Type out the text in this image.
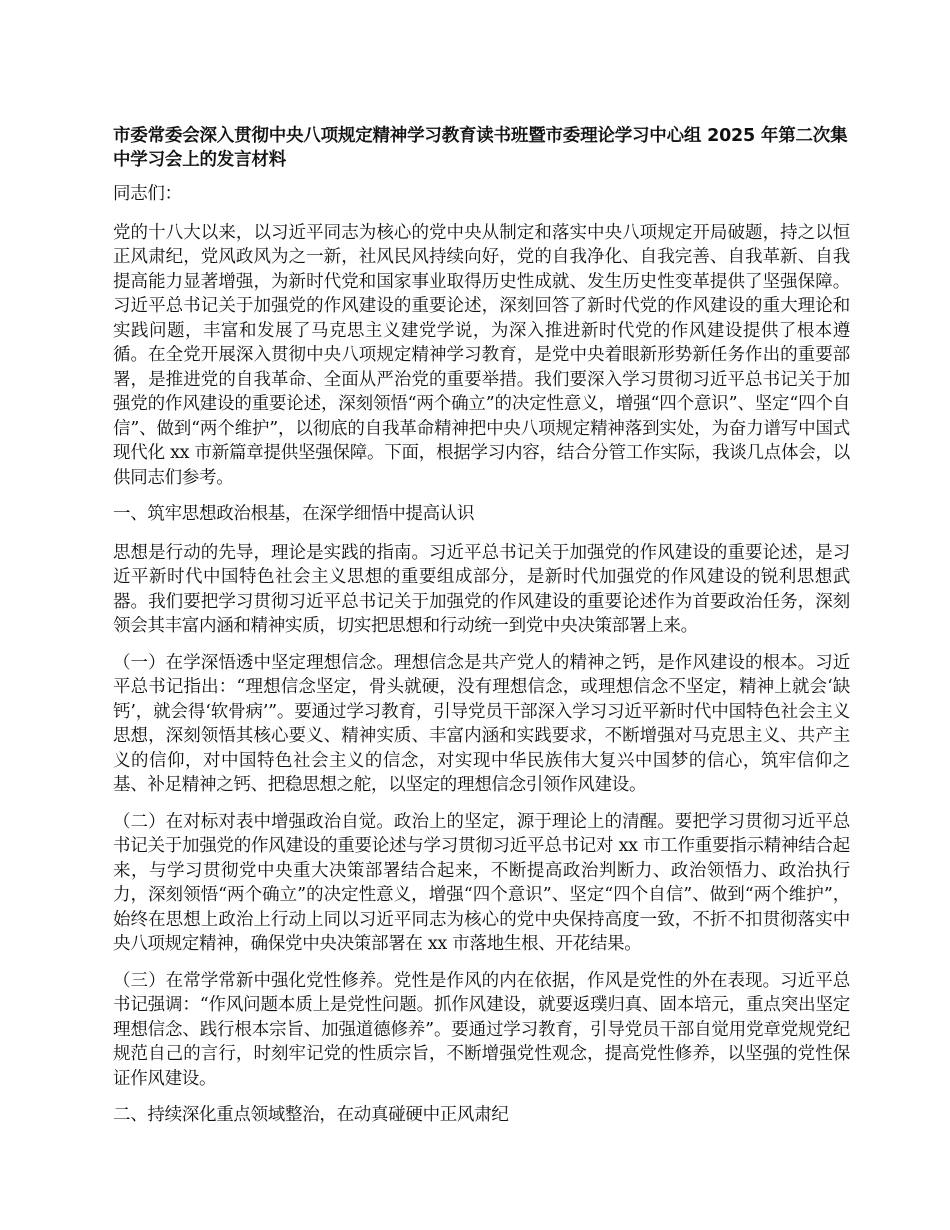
市委常委会深入贯彻中央八项规定精神学习教育读书班暨市委理论学习中心组 2025 年第二次集中学习会上的发言材料

同志们：

党的十八大以来，以习近平同志为核心的党中央从制定和落实中央八项规定开局破题，持之以恒正风肃纪，党风政风为之一新，社风民风持续向好，党的自我净化、自我完善、自我革新、自我提高能力显著增强，为新时代党和国家事业取得历史性成就、发生历史性变革提供了坚强保障。习近平总书记关于加强党的作风建设的重要论述，深刻回答了新时代党的作风建设的重大理论和实践问题，丰富和发展了马克思主义建党学说，为深入推进新时代党的作风建设提供了根本遵循。在全党开展深入贯彻中央八项规定精神学习教育，是党中央着眼新形势新任务作出的重要部署，是推进党的自我革命、全面从严治党的重要举措。我们要深入学习贯彻习近平总书记关于加强党的作风建设的重要论述，深刻领悟“两个确立”的决定性意义，增强“四个意识”、坚定“四个自信”、做到“两个维护”，以彻底的自我革命精神把中央八项规定精神落到实处，为奋力谱写中国式现代化 xx 市新篇章提供坚强保障。下面，根据学习内容，结合分管工作实际，我谈几点体会，以供同志们参考。

一、筑牢思想政治根基，在深学细悟中提高认识

思想是行动的先导，理论是实践的指南。习近平总书记关于加强党的作风建设的重要论述，是习近平新时代中国特色社会主义思想的重要组成部分，是新时代加强党的作风建设的锐利思想武器。我们要把学习贯彻习近平总书记关于加强党的作风建设的重要论述作为首要政治任务，深刻领会其丰富内涵和精神实质，切实把思想和行动统一到党中央决策部署上来。

（一）在学深悟透中坚定理想信念。理想信念是共产党人的精神之钙，是作风建设的根本。习近平总书记指出：“理想信念坚定，骨头就硬，没有理想信念，或理想信念不坚定，精神上就会‘缺钙’，就会得‘软骨病’”。要通过学习教育，引导党员干部深入学习习近平新时代中国特色社会主义思想，深刻领悟其核心要义、精神实质、丰富内涵和实践要求，不断增强对马克思主义、共产主义的信仰，对中国特色社会主义的信念，对实现中华民族伟大复兴中国梦的信心，筑牢信仰之基、补足精神之钙、把稳思想之舵，以坚定的理想信念引领作风建设。

（二）在对标对表中增强政治自觉。政治上的坚定，源于理论上的清醒。要把学习贯彻习近平总书记关于加强党的作风建设的重要论述与学习贯彻习近平总书记对 xx 市工作重要指示精神结合起来，与学习贯彻党中央重大决策部署结合起来，不断提高政治判断力、政治领悟力、政治执行力，深刻领悟“两个确立”的决定性意义，增强“四个意识”、坚定“四个自信”、做到“两个维护”，始终在思想上政治上行动上同以习近平同志为核心的党中央保持高度一致，不折不扣贯彻落实中央八项规定精神，确保党中央决策部署在 xx 市落地生根、开花结果。

（三）在常学常新中强化党性修养。党性是作风的内在依据，作风是党性的外在表现。习近平总书记强调：“作风问题本质上是党性问题。抓作风建设，就要返璞归真、固本培元，重点突出坚定理想信念、践行根本宗旨、加强道德修养”。要通过学习教育，引导党员干部自觉用党章党规党纪规范自己的言行，时刻牢记党的性质宗旨，不断增强党性观念，提高党性修养，以坚强的党性保证作风建设。

二、持续深化重点领域整治，在动真碰硬中正风肃纪
